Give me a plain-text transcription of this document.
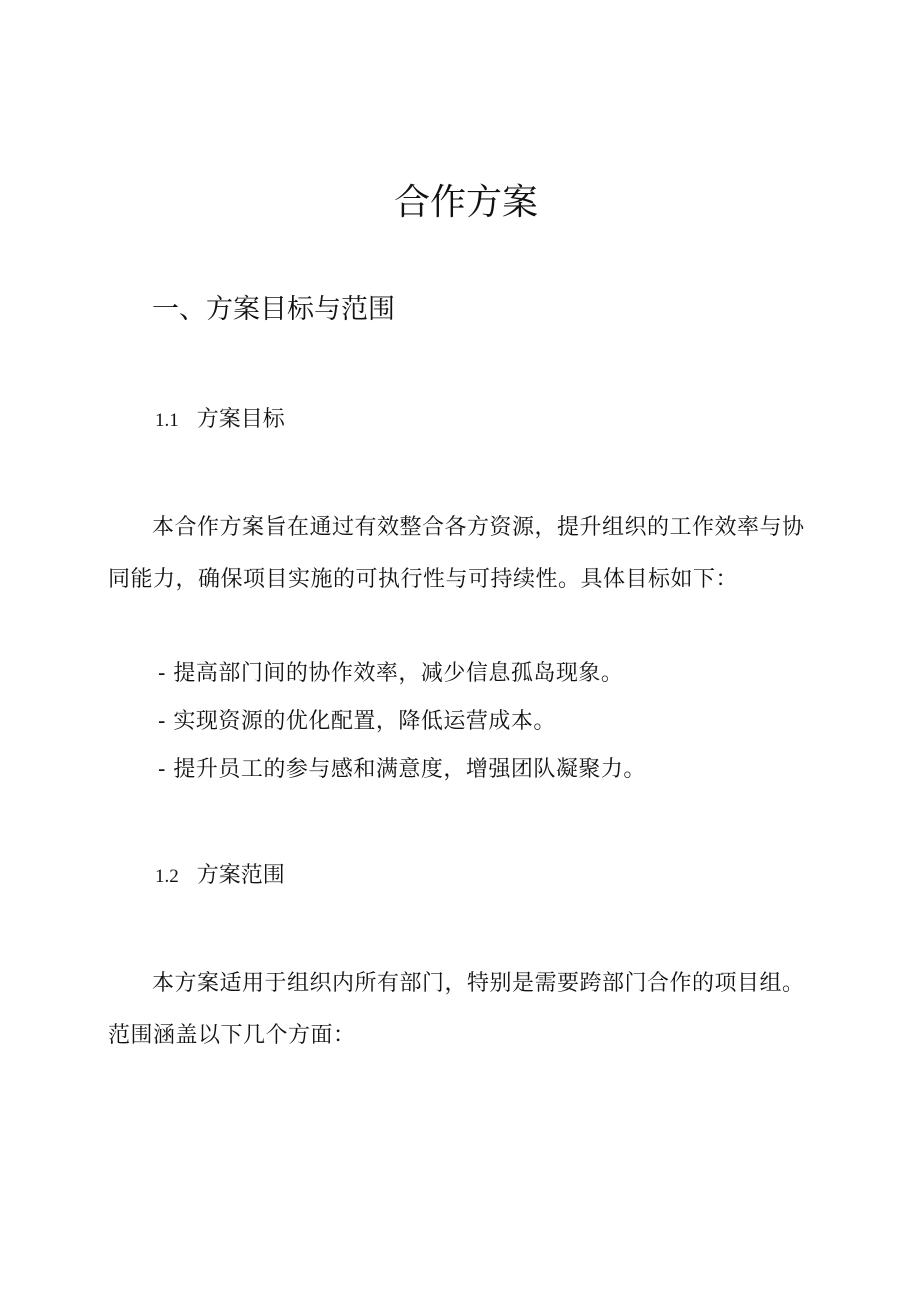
合作方案
一、方案目标与范围
1.1 方案目标

本合作方案旨在通过有效整合各方资源，提升组织的工作效率与协同能力，确保项目实施的可执行性与可持续性。具体目标如下：

- 提高部门间的协作效率，减少信息孤岛现象。
- 实现资源的优化配置，降低运营成本。
- 提升员工的参与感和满意度，增强团队凝聚力。
1.2 方案范围

本方案适用于组织内所有部门，特别是需要跨部门合作的项目组。范围涵盖以下几个方面：
